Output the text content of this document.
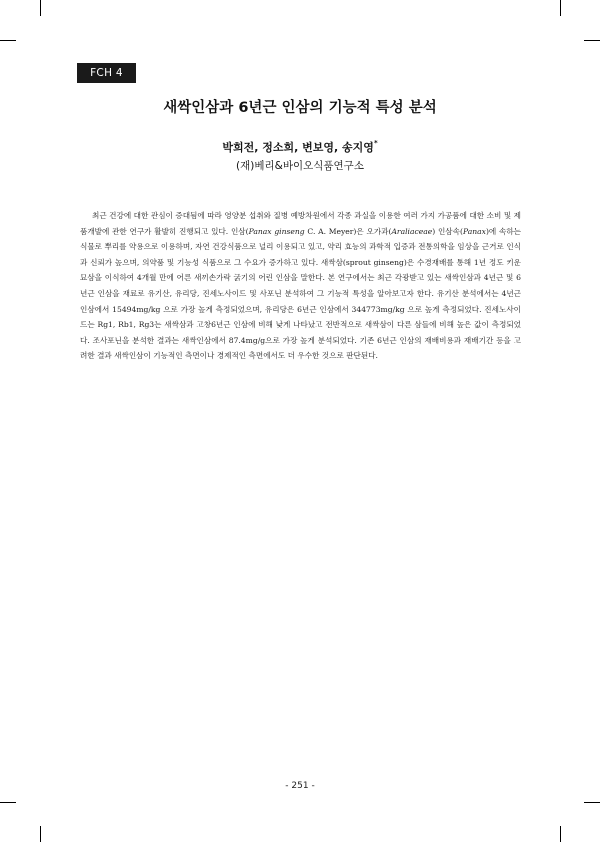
FCH 4
새싹인삼과 6년근 인삼의 기능적 특성 분석
박희전, 정소희, 변보영, 송지영*
(재)베리&바이오식품연구소

최근 건강에 대한 관심이 증대됨에 따라 영양분 섭취와 질병 예방차원에서 각종 과실을 이용한 여러 가지 가공품에 대한 소비 및 제품개발에 관한 연구가 활발히 진행되고 있다. 인삼(Panax ginseng C. A. Meyer)은 오가과(Araliaceae) 인삼속(Panax)에 속하는 식물로 뿌리를 약용으로 이용하며, 자연 건강식품으로 널리 이용되고 있고, 약리 효능의 과학적 입증과 전통의학을 임상을 근거로 인식과 신뢰가 높으며, 의약품 및 기능성 식품으로 그 수요가 증가하고 있다. 새싹삼(sprout ginseng)은 수경재배를 통해 1년 정도 키운 묘삼을 이식하여 4개월 만에 어른 새끼손가락 굵기의 어린 인삼을 말한다. 본 연구에서는 최근 각광받고 있는 새싹인삼과 4년근 및 6년근 인삼을 재료로 유기산, 유리당, 진세노사이드 및 사포닌 분석하여 그 기능적 특성을 알아보고자 한다. 유기산 분석에서는 4년근 인삼에서 15494mg/kg 으로 가장 높게 측정되었으며, 유리당은 6년근 인삼에서 344773mg/kg 으로 높게 측정되었다. 진세노사이드는 Rg1, Rb1, Rg3는 새싹삼과 고창6년근 인삼에 비해 낮게 나타났고 전반적으로 새싹삼이 다른 삼들에 비해 높은 값이 측정되었다. 조사포닌을 분석한 결과는 새싹인삼에서 87.4mg/g으로 가장 높게 분석되었다. 기존 6년근 인삼의 재배비용과 재배기간 등을 고려한 결과 새싹인삼이 기능적인 측면이나 경제적인 측면에서도 더 우수한 것으로 판단된다.

- 251 -
